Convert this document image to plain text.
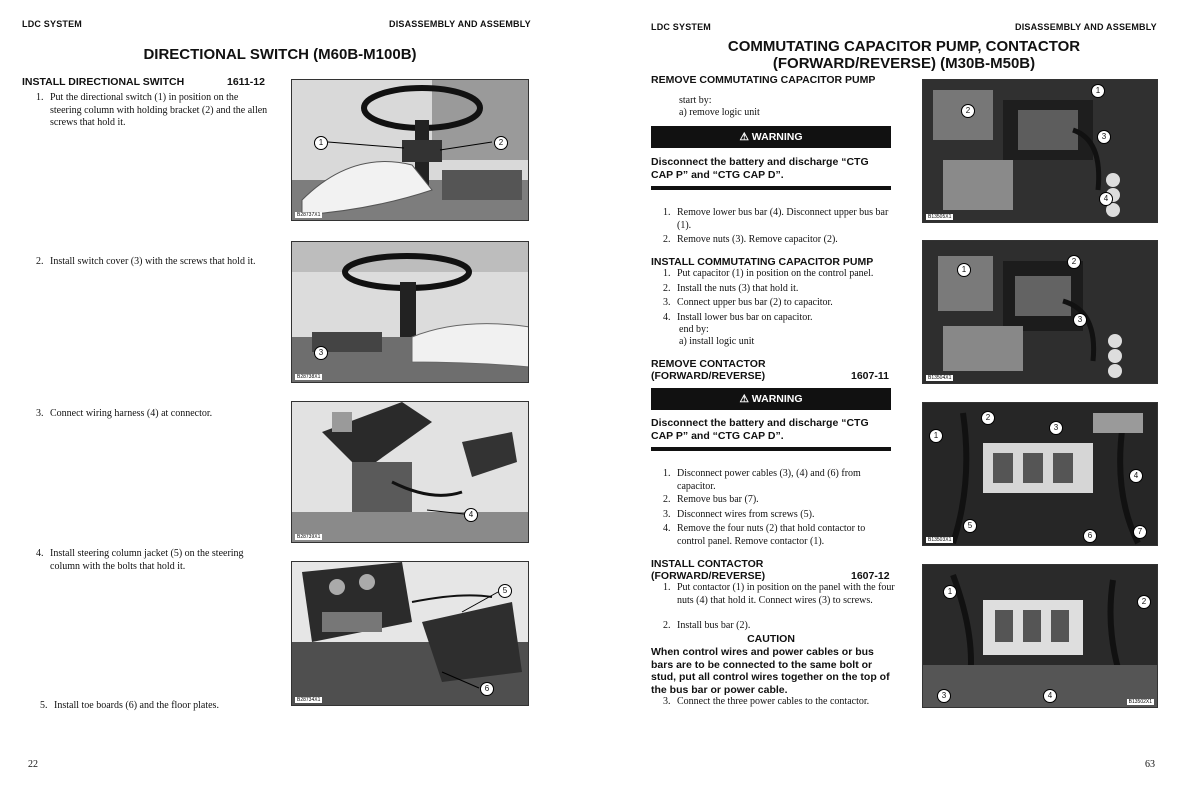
LDC SYSTEM	DISASSEMBLY AND ASSEMBLY
DIRECTIONAL SWITCH (M60B-M100B)
INSTALL DIRECTIONAL SWITCH	1611-12
1. Put the directional switch (1) in position on the steering column with holding bracket (2) and the allen screws that hold it.
2. Install switch cover (3) with the screws that hold it.
3. Connect wiring harness (4) at connector.
4. Install steering column jacket (5) on the steering column with the bolts that hold it.
5. Install toe boards (6) and the floor plates.
1	2
B28737X1
3
B28738X1
4
B28739X1
5
6
B28734X1
22
LDC SYSTEM	DISASSEMBLY AND ASSEMBLY
COMMUTATING CAPACITOR PUMP, CONTACTOR
(FORWARD/REVERSE) (M30B-M50B)
REMOVE COMMUTATING CAPACITOR PUMP
start by:
a) remove logic unit
⚠ WARNING
Disconnect the battery and discharge “CTG CAP P” and “CTG CAP D”.
1. Remove lower bus bar (4). Disconnect upper bus bar (1).
2. Remove nuts (3). Remove capacitor (2).
INSTALL COMMUTATING CAPACITOR PUMP
1. Put capacitor (1) in position on the control panel.
2. Install the nuts (3) that hold it.
3. Connect upper bus bar (2) to capacitor.
4. Install lower bus bar on capacitor.
end by:
a) install logic unit
REMOVE CONTACTOR
(FORWARD/REVERSE)	1607-11
⚠ WARNING
Disconnect the battery and discharge “CTG CAP P” and “CTG CAP D”.
1. Disconnect power cables (3), (4) and (6) from capacitor.
2. Remove bus bar (7).
3. Disconnect wires from screws (5).
4. Remove the four nuts (2) that hold contactor to control panel. Remove contactor (1).
INSTALL CONTACTOR
(FORWARD/REVERSE)	1607-12
1. Put contactor (1) in position on the panel with the four nuts (4) that hold it. Connect wires (3) to screws.
2. Install bus bar (2).
CAUTION
When control wires and power cables or bus bars are to be connected to the same bolt or stud, put all control wires together on the top of the bus bar or power cable.
3. Connect the three power cables to the contactor.
1
2
3
4
B13505X1
1
2
3
B13504X1
1
2
3
4
5
6	7
B13503X1
1
2
3	4
B13502X1
63
